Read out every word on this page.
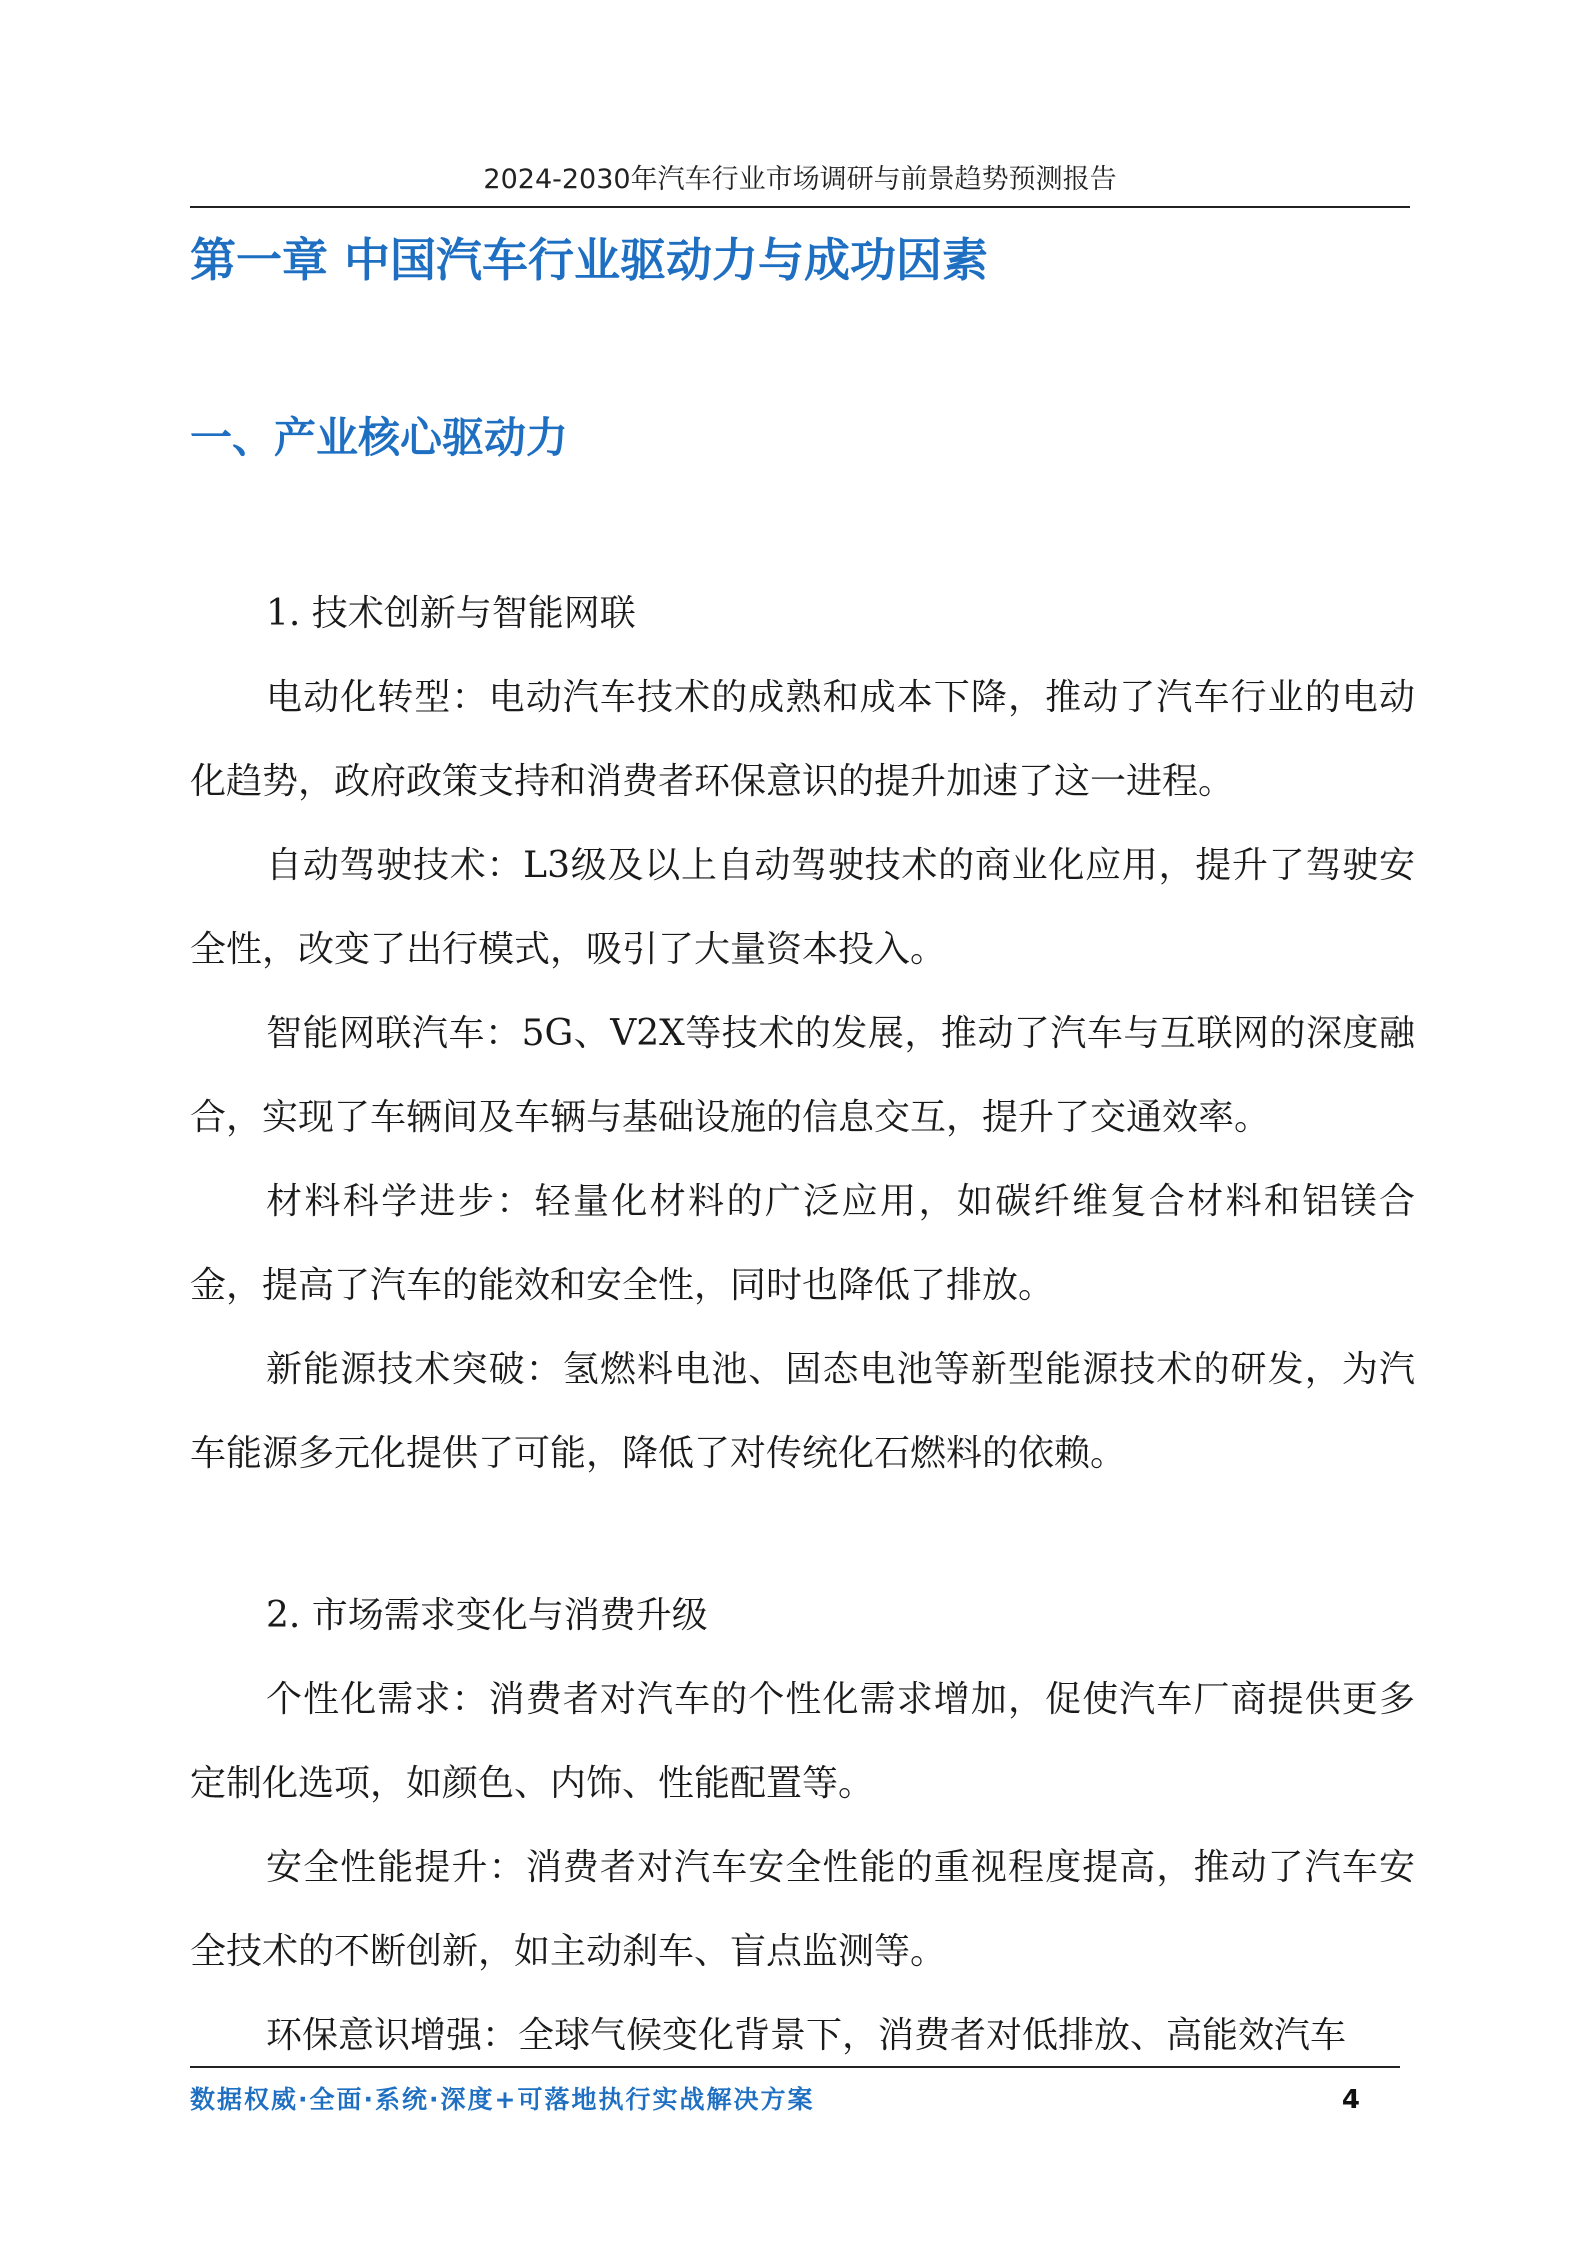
2024-2030年汽车行业市场调研与前景趋势预测报告
第一章 中国汽车行业驱动力与成功因素
一、产业核心驱动力

1. 技术创新与智能网联

电动化转型：电动汽车技术的成熟和成本下降，推动了汽车行业的电动化趋势，政府政策支持和消费者环保意识的提升加速了这一进程。

自动驾驶技术：L3级及以上自动驾驶技术的商业化应用，提升了驾驶安全性，改变了出行模式，吸引了大量资本投入。

智能网联汽车：5G、V2X等技术的发展，推动了汽车与互联网的深度融合，实现了车辆间及车辆与基础设施的信息交互，提升了交通效率。

材料科学进步：轻量化材料的广泛应用，如碳纤维复合材料和铝镁合金，提高了汽车的能效和安全性，同时也降低了排放。

新能源技术突破：氢燃料电池、固态电池等新型能源技术的研发，为汽车能源多元化提供了可能，降低了对传统化石燃料的依赖。

2. 市场需求变化与消费升级

个性化需求：消费者对汽车的个性化需求增加，促使汽车厂商提供更多定制化选项，如颜色、内饰、性能配置等。

安全性能提升：消费者对汽车安全性能的重视程度提高，推动了汽车安全技术的不断创新，如主动刹车、盲点监测等。

环保意识增强：全球气候变化背景下，消费者对低排放、高能效汽车

数据权威·全面·系统·深度+可落地执行实战解决方案	4
